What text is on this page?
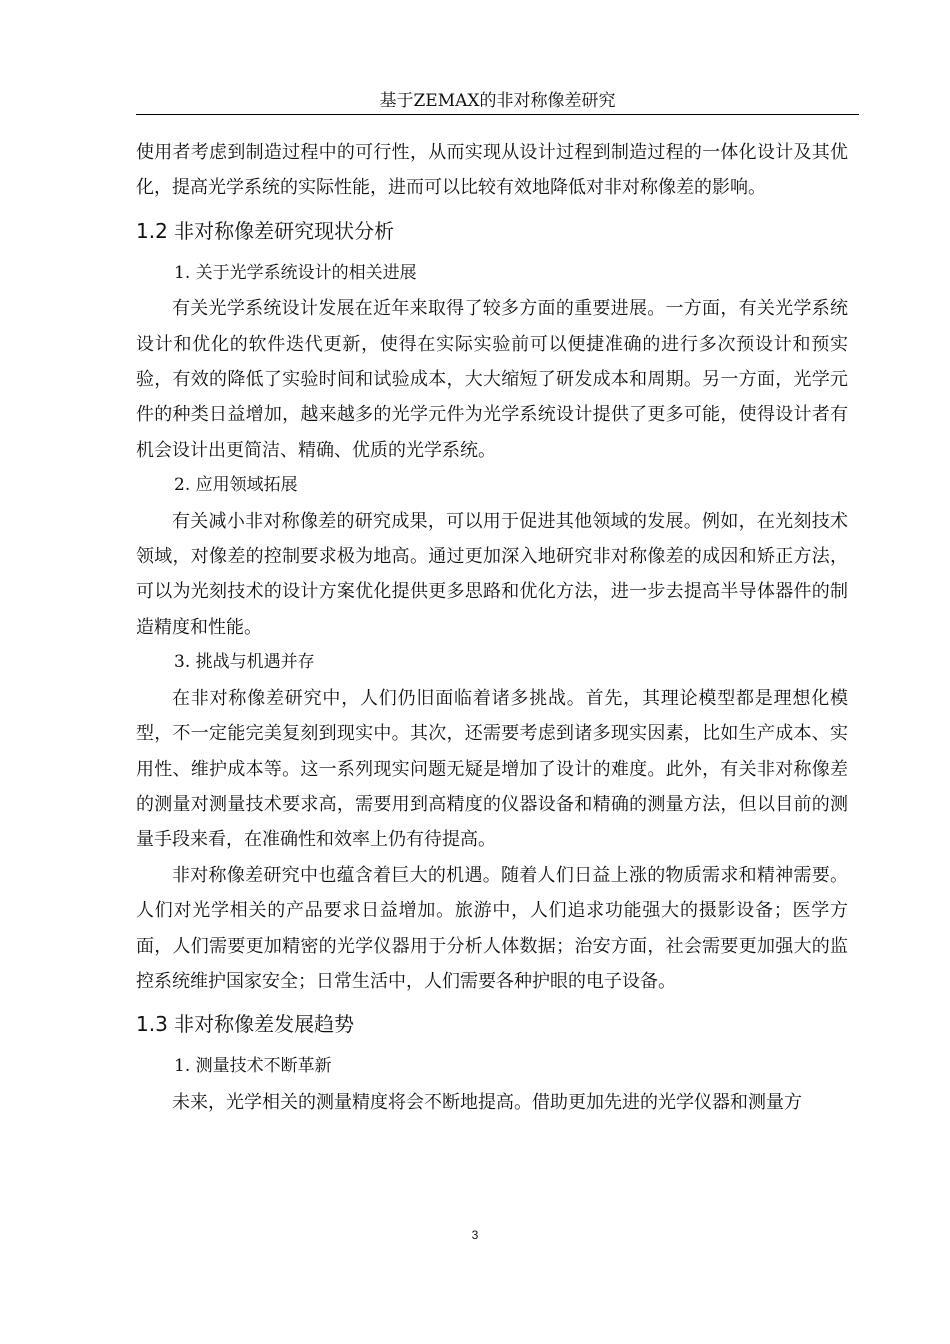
基于ZEMAX的非对称像差研究

使用者考虑到制造过程中的可行性，从而实现从设计过程到制造过程的一体化设计及其优化，提高光学系统的实际性能，进而可以比较有效地降低对非对称像差的影响。

1.2 非对称像差研究现状分析
1. 关于光学系统设计的相关进展

有关光学系统设计发展在近年来取得了较多方面的重要进展。一方面，有关光学系统设计和优化的软件迭代更新，使得在实际实验前可以便捷准确的进行多次预设计和预实验，有效的降低了实验时间和试验成本，大大缩短了研发成本和周期。另一方面，光学元件的种类日益增加，越来越多的光学元件为光学系统设计提供了更多可能，使得设计者有机会设计出更简洁、精确、优质的光学系统。

2. 应用领域拓展

有关减小非对称像差的研究成果，可以用于促进其他领域的发展。例如，在光刻技术领域，对像差的控制要求极为地高。通过更加深入地研究非对称像差的成因和矫正方法，可以为光刻技术的设计方案优化提供更多思路和优化方法，进一步去提高半导体器件的制造精度和性能。

3. 挑战与机遇并存

在非对称像差研究中，人们仍旧面临着诸多挑战。首先，其理论模型都是理想化模型，不一定能完美复刻到现实中。其次，还需要考虑到诸多现实因素，比如生产成本、实用性、维护成本等。这一系列现实问题无疑是增加了设计的难度。此外，有关非对称像差的测量对测量技术要求高，需要用到高精度的仪器设备和精确的测量方法，但以目前的测量手段来看，在准确性和效率上仍有待提高。

非对称像差研究中也蕴含着巨大的机遇。随着人们日益上涨的物质需求和精神需要。人们对光学相关的产品要求日益增加。旅游中，人们追求功能强大的摄影设备；医学方面，人们需要更加精密的光学仪器用于分析人体数据；治安方面，社会需要更加强大的监控系统维护国家安全；日常生活中，人们需要各种护眼的电子设备。

1.3 非对称像差发展趋势
1. 测量技术不断革新

未来，光学相关的测量精度将会不断地提高。借助更加先进的光学仪器和测量方

3
